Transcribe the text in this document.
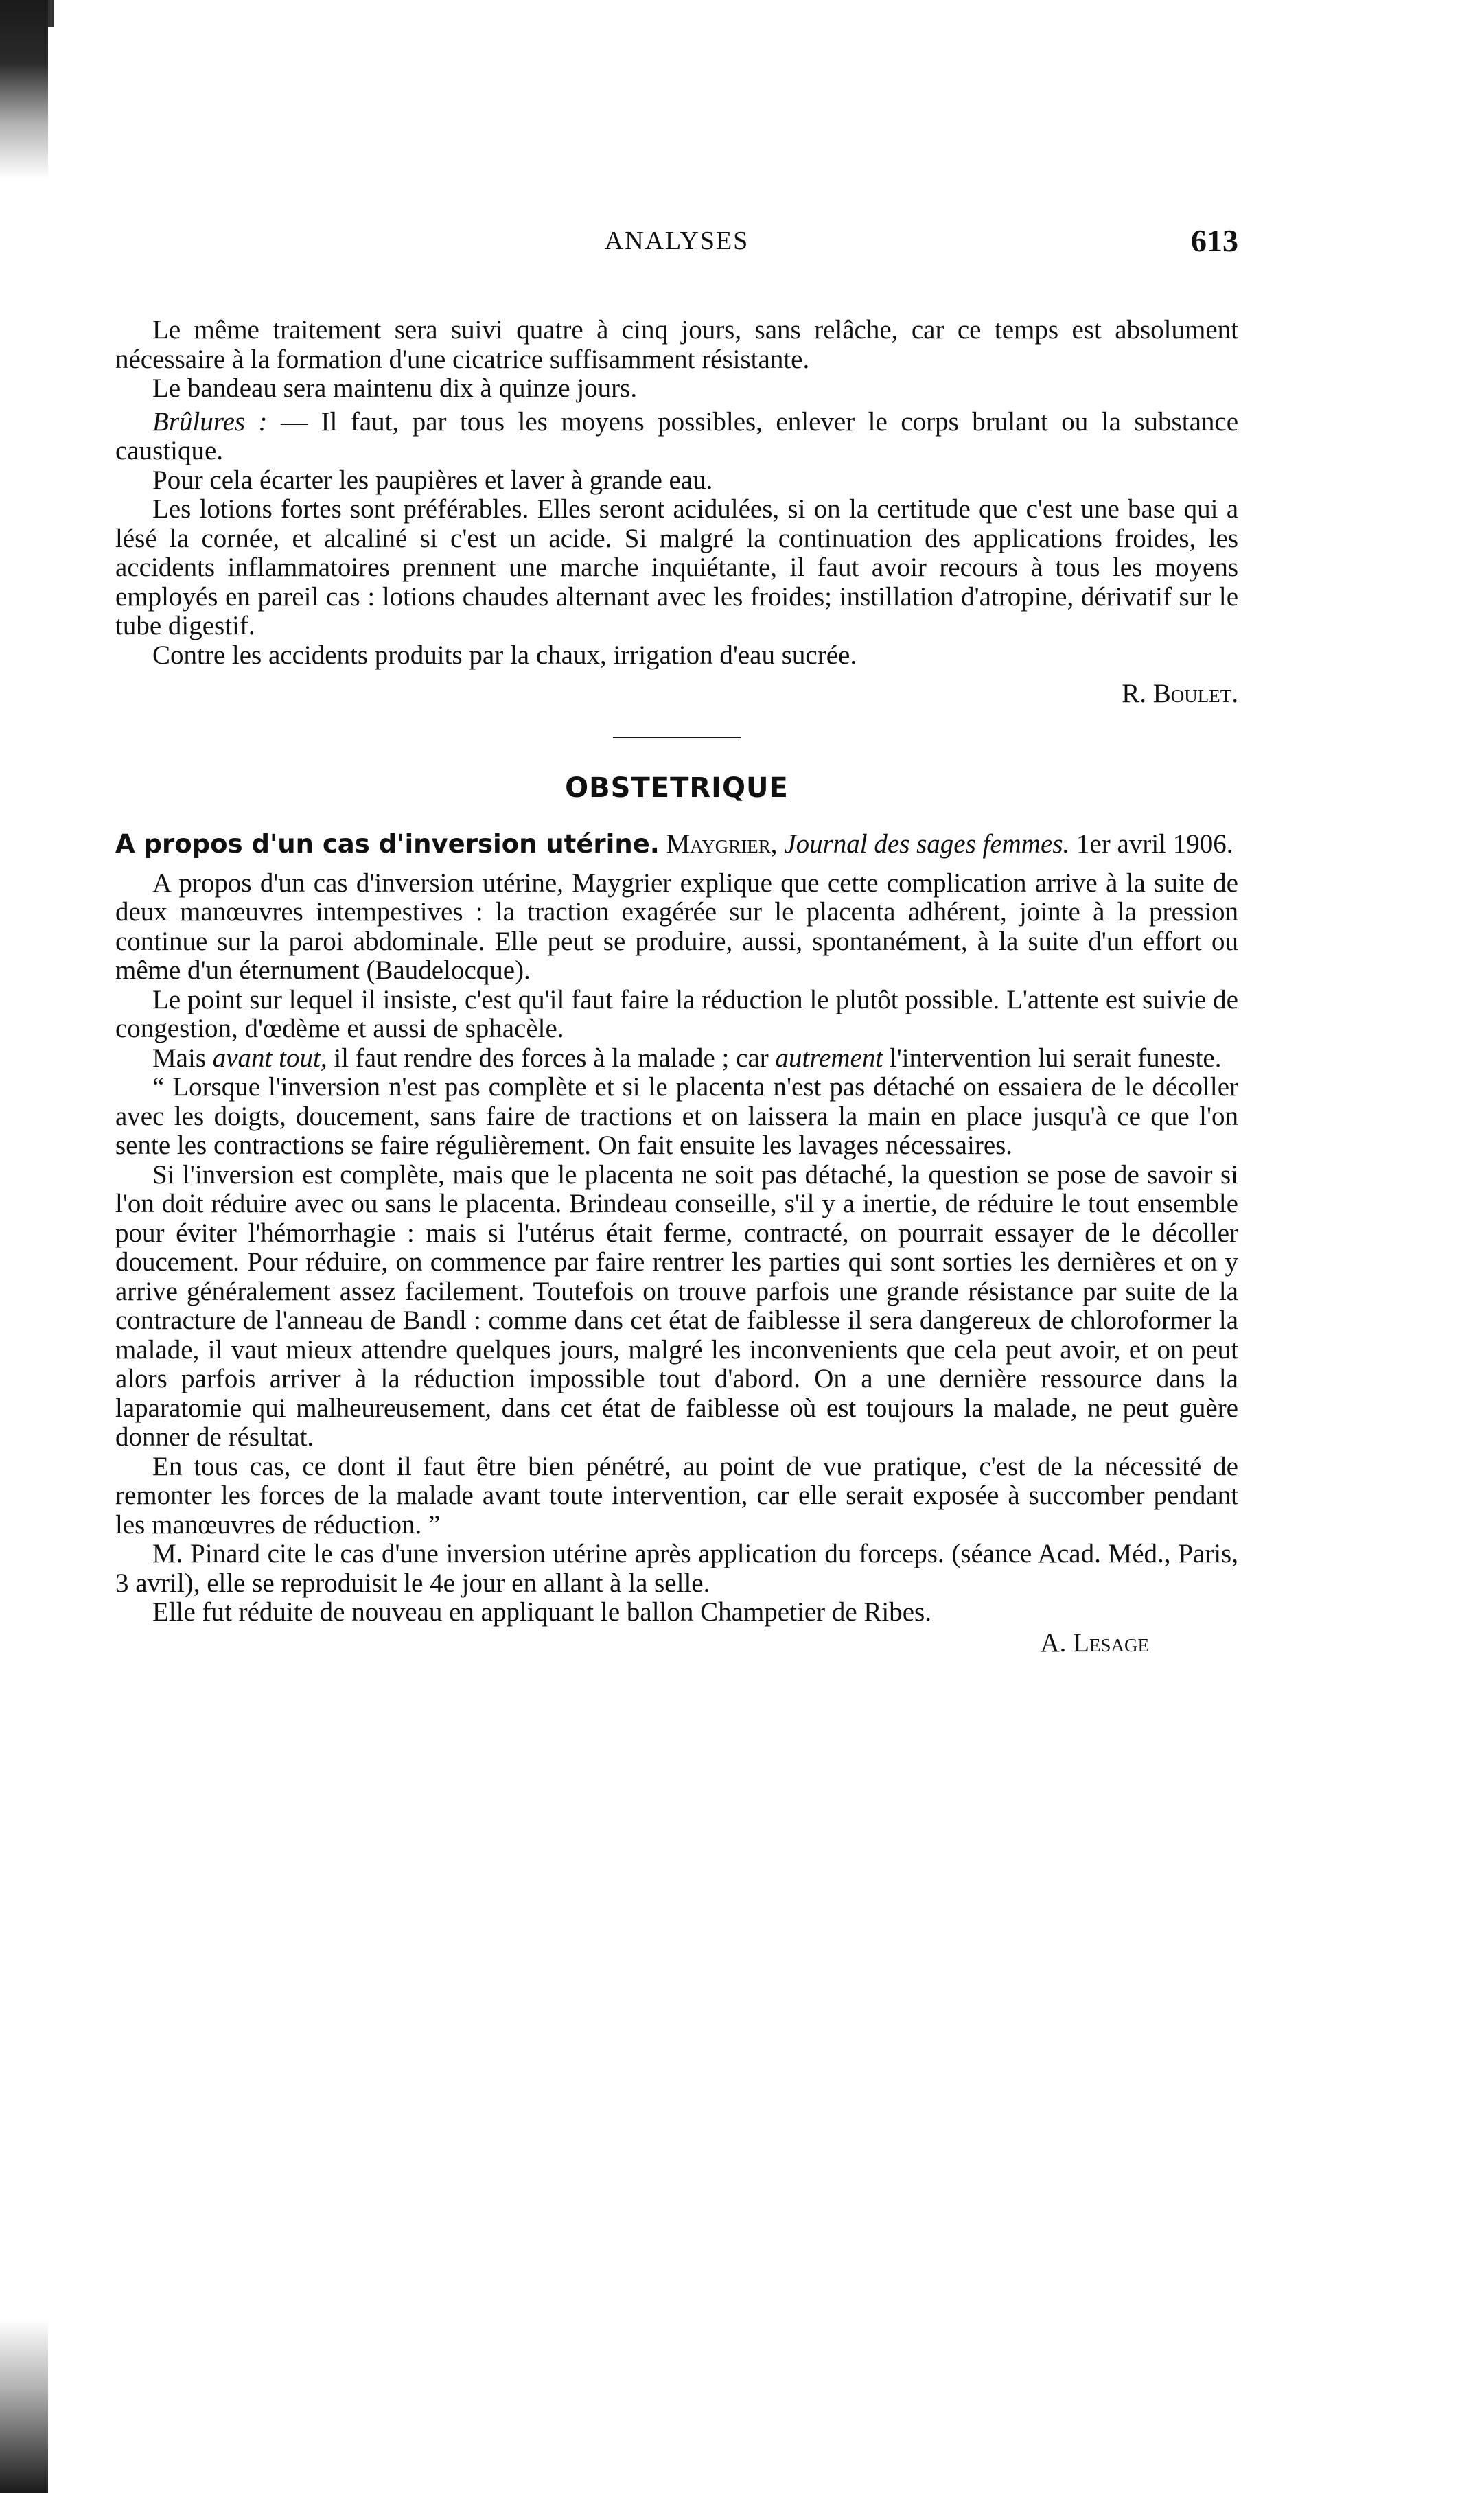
ANALYSES	613

Le même traitement sera suivi quatre à cinq jours, sans relâche, car ce temps est absolument nécessaire à la formation d'une cicatrice suffisamment résistante.

Le bandeau sera maintenu dix à quinze jours.

Brûlures : — Il faut, par tous les moyens possibles, enlever le corps brulant ou la substance caustique.

Pour cela écarter les paupières et laver à grande eau.

Les lotions fortes sont préférables. Elles seront acidulées, si on la certitude que c'est une base qui a lésé la cornée, et alcaliné si c'est un acide. Si malgré la continuation des applications froides, les accidents inflammatoires prennent une marche inquiétante, il faut avoir recours à tous les moyens employés en pareil cas : lotions chaudes alternant avec les froides; instillation d'atropine, dérivatif sur le tube digestif.

Contre les accidents produits par la chaux, irrigation d'eau sucrée.

R. Boulet.
OBSTETRIQUE

A propos d'un cas d'inversion utérine. Maygrier, Journal des sages femmes. 1er avril 1906.

A propos d'un cas d'inversion utérine, Maygrier explique que cette complication arrive à la suite de deux manœuvres intempestives : la traction exagérée sur le placenta adhérent, jointe à la pression continue sur la paroi abdominale. Elle peut se produire, aussi, spontanément, à la suite d'un effort ou même d'un éternument (Baudelocque).

Le point sur lequel il insiste, c'est qu'il faut faire la réduction le plutôt possible. L'attente est suivie de congestion, d'œdème et aussi de sphacèle.

Mais avant tout, il faut rendre des forces à la malade ; car autrement l'intervention lui serait funeste.

“ Lorsque l'inversion n'est pas complète et si le placenta n'est pas détaché on essaiera de le décoller avec les doigts, doucement, sans faire de tractions et on laissera la main en place jusqu'à ce que l'on sente les contractions se faire régulièrement. On fait ensuite les lavages nécessaires.

Si l'inversion est complète, mais que le placenta ne soit pas détaché, la question se pose de savoir si l'on doit réduire avec ou sans le placenta. Brindeau conseille, s'il y a inertie, de réduire le tout ensemble pour éviter l'hémorrhagie : mais si l'utérus était ferme, contracté, on pourrait essayer de le décoller doucement. Pour réduire, on commence par faire rentrer les parties qui sont sorties les dernières et on y arrive généralement assez facilement. Toutefois on trouve parfois une grande résistance par suite de la contracture de l'anneau de Bandl : comme dans cet état de faiblesse il sera dangereux de chloroformer la malade, il vaut mieux attendre quelques jours, malgré les inconvenients que cela peut avoir, et on peut alors parfois arriver à la réduction impossible tout d'abord. On a une dernière ressource dans la laparatomie qui malheureusement, dans cet état de faiblesse où est toujours la malade, ne peut guère donner de résultat.

En tous cas, ce dont il faut être bien pénétré, au point de vue pratique, c'est de la nécessité de remonter les forces de la malade avant toute intervention, car elle serait exposée à succomber pendant les manœuvres de réduction. ”

M. Pinard cite le cas d'une inversion utérine après application du forceps. (séance Acad. Méd., Paris, 3 avril), elle se reproduisit le 4e jour en allant à la selle.

Elle fut réduite de nouveau en appliquant le ballon Champetier de Ribes.

A. Lesage
